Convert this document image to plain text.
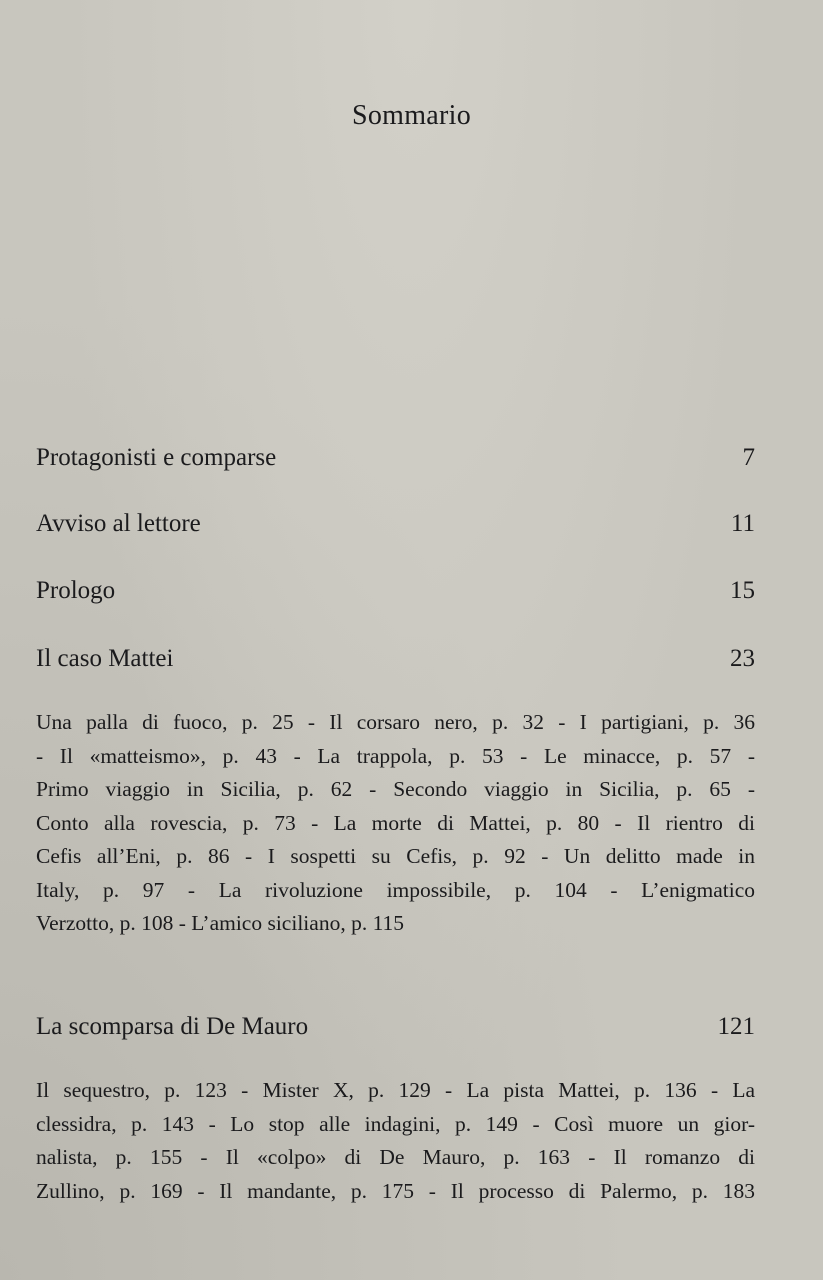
Sommario
Protagonisti e comparse	7
Avviso al lettore	11
Prologo	15
Il caso Mattei	23
Una palla di fuoco, p. 25 - Il corsaro nero, p. 32 - I partigiani, p. 36
- Il «matteismo», p. 43 - La trappola, p. 53 - Le minacce, p. 57 -
Primo viaggio in Sicilia, p. 62 - Secondo viaggio in Sicilia, p. 65 -
Conto alla rovescia, p. 73 - La morte di Mattei, p. 80 - Il rientro di
Cefis all’Eni, p. 86 - I sospetti su Cefis, p. 92 - Un delitto made in
Italy, p. 97 - La rivoluzione impossibile, p. 104 - L’enigmatico
Verzotto, p. 108 - L’amico siciliano, p. 115
La scomparsa di De Mauro	121
Il sequestro, p. 123 - Mister X, p. 129 - La pista Mattei, p. 136 - La
clessidra, p. 143 - Lo stop alle indagini, p. 149 - Così muore un gior-
nalista, p. 155 - Il «colpo» di De Mauro, p. 163 - Il romanzo di
Zullino, p. 169 - Il mandante, p. 175 - Il processo di Palermo, p. 183
